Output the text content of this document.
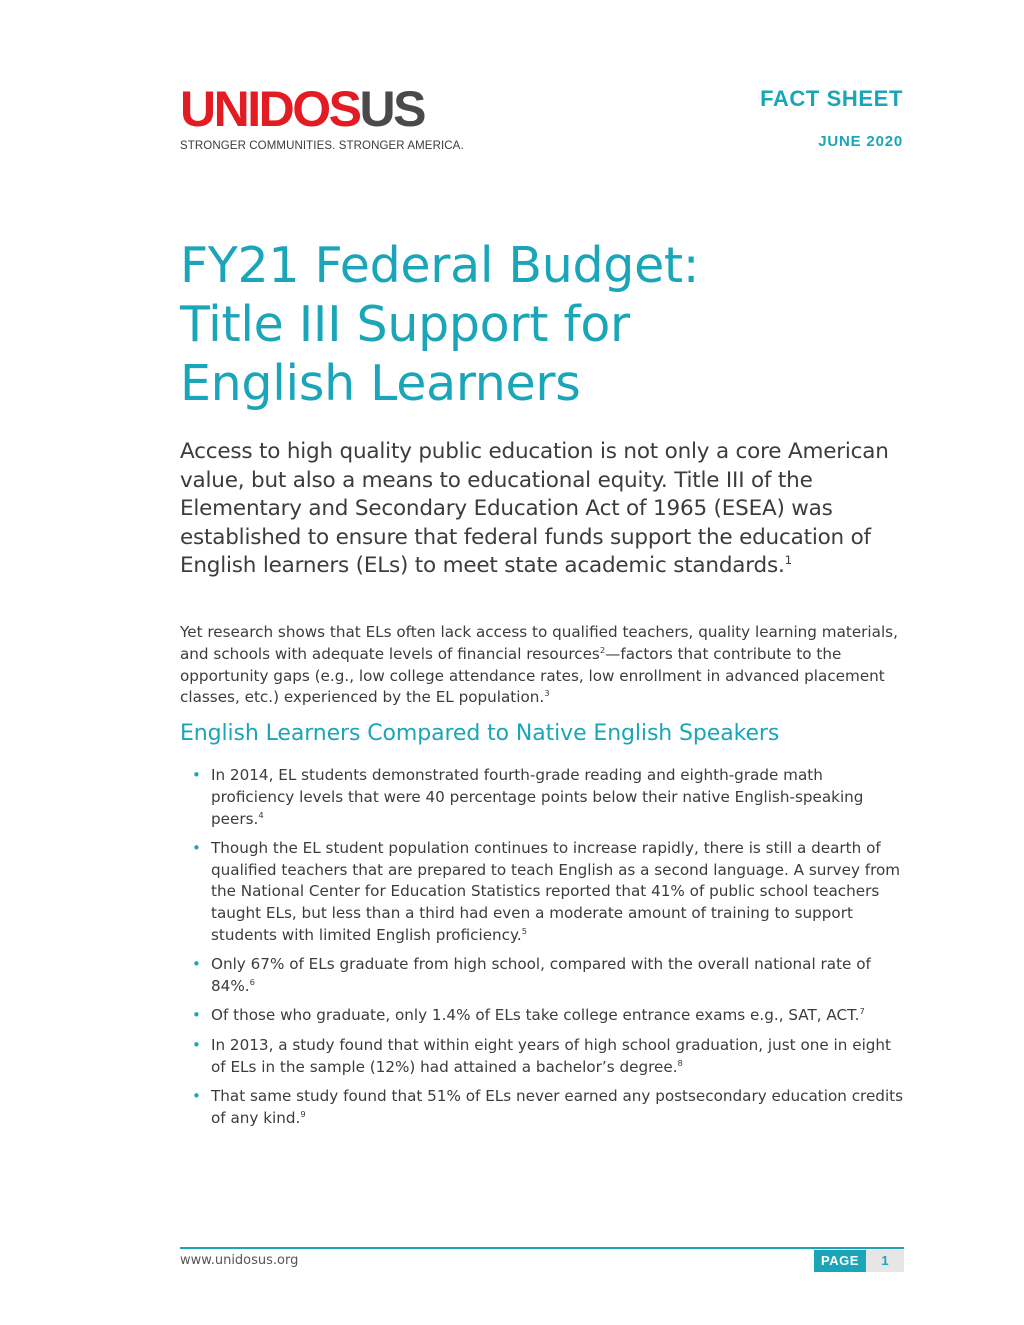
UNIDOSUS
STRONGER COMMUNITIES. STRONGER AMERICA.
FACT SHEET
JUNE 2020
FY21 Federal Budget:
Title III Support for
English Learners

Access to high quality public education is not only a core American value, but also a means to educational equity. Title III of the Elementary and Secondary Education Act of 1965 (ESEA) was established to ensure that federal funds support the education of English learners (ELs) to meet state academic standards.$^1$

Yet research shows that ELs often lack access to qualified teachers, quality learning materials, and schools with adequate levels of financial resources$^2$—factors that contribute to the opportunity gaps (e.g., low college attendance rates, low enrollment in advanced placement classes, etc.) experienced by the EL population.$^3$

English Learners Compared to Native English Speakers
• In 2014, EL students demonstrated fourth-grade reading and eighth-grade math proficiency levels that were 40 percentage points below their native English-speaking peers.$^4$
• Though the EL student population continues to increase rapidly, there is still a dearth of qualified teachers that are prepared to teach English as a second language. A survey from the National Center for Education Statistics reported that 41% of public school teachers taught ELs, but less than a third had even a moderate amount of training to support students with limited English proficiency.$^5$
• Only 67% of ELs graduate from high school, compared with the overall national rate of 84%.$^6$
• Of those who graduate, only 1.4% of ELs take college entrance exams e.g., SAT, ACT.$^7$
• In 2013, a study found that within eight years of high school graduation, just one in eight of ELs in the sample (12%) had attained a bachelor’s degree.$^8$
• That same study found that 51% of ELs never earned any postsecondary education credits of any kind.$^9$
www.unidosus.org	PAGE	1
